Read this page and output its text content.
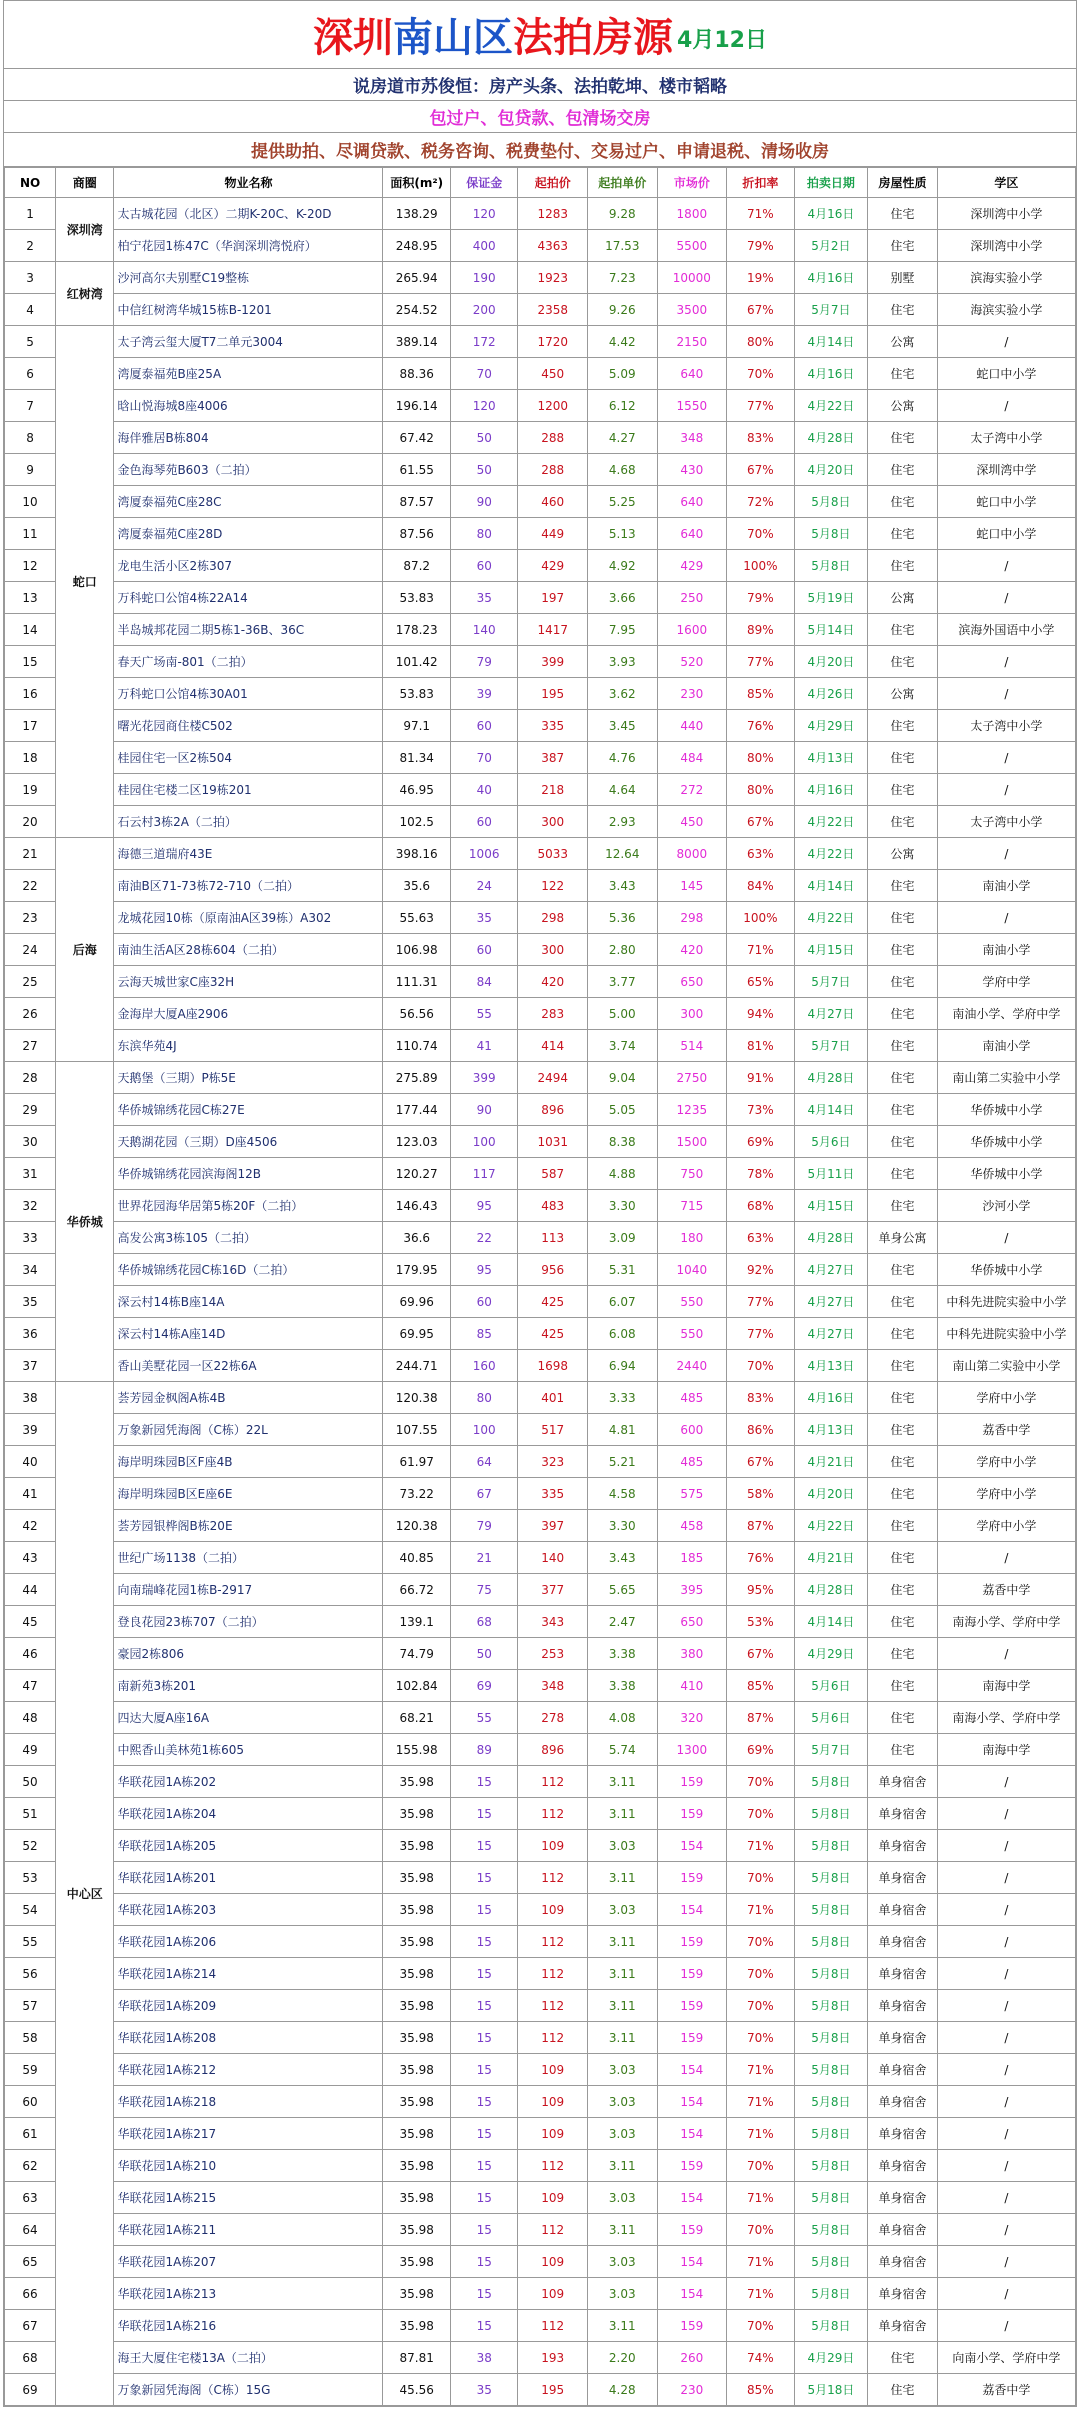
深圳 南山区 法拍房源 4月12日
说房道市苏俊恒：房产头条、法拍乾坤、楼市韬略
包过户、包贷款、包清场交房
提供助拍、尽调贷款、税务咨询、税费垫付、交易过户、申请退税、清场收房
NO	商圈	物业名称	面积(m²)	保证金	起拍价	起拍单价	市场价	折扣率	拍卖日期	房屋性质	学区
1	深圳湾	太古城花园（北区）二期K-20C、K-20D	138.29	120	1283	9.28	1800	71%	4月16日	住宅	深圳湾中小学
2		柏宁花园1栋47C（华润深圳湾悦府）	248.95	400	4363	17.53	5500	79%	5月2日	住宅	深圳湾中小学
3	红树湾	沙河高尔夫别墅C19整栋	265.94	190	1923	7.23	10000	19%	4月16日	别墅	滨海实验小学
4		中信红树湾华城15栋B-1201	254.52	200	2358	9.26	3500	67%	5月7日	住宅	海滨实验小学
5	蛇口	太子湾云玺大厦T7二单元3004	389.14	172	1720	4.42	2150	80%	4月14日	公寓	/
6		湾厦泰福苑B座25A	88.36	70	450	5.09	640	70%	4月16日	住宅	蛇口中小学
7		晗山悦海城8座4006	196.14	120	1200	6.12	1550	77%	4月22日	公寓	/
8		海伴雅居B栋804	67.42	50	288	4.27	348	83%	4月28日	住宅	太子湾中小学
9		金色海琴苑B603（二拍）	61.55	50	288	4.68	430	67%	4月20日	住宅	深圳湾中学
10		湾厦泰福苑C座28C	87.57	90	460	5.25	640	72%	5月8日	住宅	蛇口中小学
11		湾厦泰福苑C座28D	87.56	80	449	5.13	640	70%	5月8日	住宅	蛇口中小学
12		龙电生活小区2栋307	87.2	60	429	4.92	429	100%	5月8日	住宅	/
13		万科蛇口公馆4栋22A14	53.83	35	197	3.66	250	79%	5月19日	公寓	/
14		半岛城邦花园二期5栋1-36B、36C	178.23	140	1417	7.95	1600	89%	5月14日	住宅	滨海外国语中小学
15		春天广场南-801（二拍）	101.42	79	399	3.93	520	77%	4月20日	住宅	/
16		万科蛇口公馆4栋30A01	53.83	39	195	3.62	230	85%	4月26日	公寓	/
17		曙光花园商住楼C502	97.1	60	335	3.45	440	76%	4月29日	住宅	太子湾中小学
18		桂园住宅一区2栋504	81.34	70	387	4.76	484	80%	4月13日	住宅	/
19		桂园住宅楼二区19栋201	46.95	40	218	4.64	272	80%	4月16日	住宅	/
20		石云村3栋2A（二拍）	102.5	60	300	2.93	450	67%	4月22日	住宅	太子湾中小学
21	后海	海德三道瑞府43E	398.16	1006	5033	12.64	8000	63%	4月22日	公寓	/
22		南油B区71-73栋72-710（二拍）	35.6	24	122	3.43	145	84%	4月14日	住宅	南油小学
23		龙城花园10栋（原南油A区39栋）A302	55.63	35	298	5.36	298	100%	4月22日	住宅	/
24		南油生活A区28栋604（二拍）	106.98	60	300	2.80	420	71%	4月15日	住宅	南油小学
25		云海天城世家C座32H	111.31	84	420	3.77	650	65%	5月7日	住宅	学府中学
26		金海岸大厦A座2906	56.56	55	283	5.00	300	94%	4月27日	住宅	南油小学、学府中学
27		东滨华苑4J	110.74	41	414	3.74	514	81%	5月7日	住宅	南油小学
28	华侨城	天鹅堡（三期）P栋5E	275.89	399	2494	9.04	2750	91%	4月28日	住宅	南山第二实验中小学
29		华侨城锦绣花园C栋27E	177.44	90	896	5.05	1235	73%	4月14日	住宅	华侨城中小学
30		天鹅湖花园（三期）D座4506	123.03	100	1031	8.38	1500	69%	5月6日	住宅	华侨城中小学
31		华侨城锦绣花园滨海阁12B	120.27	117	587	4.88	750	78%	5月11日	住宅	华侨城中小学
32		世界花园海华居第5栋20F（二拍）	146.43	95	483	3.30	715	68%	4月15日	住宅	沙河小学
33		高发公寓3栋105（二拍）	36.6	22	113	3.09	180	63%	4月28日	单身公寓	/
34		华侨城锦绣花园C栋16D（二拍）	179.95	95	956	5.31	1040	92%	4月27日	住宅	华侨城中小学
35		深云村14栋B座14A	69.96	60	425	6.07	550	77%	4月27日	住宅	中科先进院实验中小学
36		深云村14栋A座14D	69.95	85	425	6.08	550	77%	4月27日	住宅	中科先进院实验中小学
37		香山美墅花园一区22栋6A	244.71	160	1698	6.94	2440	70%	4月13日	住宅	南山第二实验中小学
38	中心区	荟芳园金枫阁A栋4B	120.38	80	401	3.33	485	83%	4月16日	住宅	学府中小学
39		万象新园凭海阁（C栋）22L	107.55	100	517	4.81	600	86%	4月13日	住宅	荔香中学
40		海岸明珠园B区F座4B	61.97	64	323	5.21	485	67%	4月21日	住宅	学府中小学
41		海岸明珠园B区E座6E	73.22	67	335	4.58	575	58%	4月20日	住宅	学府中小学
42		荟芳园银桦阁B栋20E	120.38	79	397	3.30	458	87%	4月22日	住宅	学府中小学
43		世纪广场1138（二拍）	40.85	21	140	3.43	185	76%	4月21日	住宅	/
44		向南瑞峰花园1栋B-2917	66.72	75	377	5.65	395	95%	4月28日	住宅	荔香中学
45		登良花园23栋707（二拍）	139.1	68	343	2.47	650	53%	4月14日	住宅	南海小学、学府中学
46		豪园2栋806	74.79	50	253	3.38	380	67%	4月29日	住宅	/
47		南新苑3栋201	102.84	69	348	3.38	410	85%	5月6日	住宅	南海中学
48		四达大厦A座16A	68.21	55	278	4.08	320	87%	5月6日	住宅	南海小学、学府中学
49		中熙香山美林苑1栋605	155.98	89	896	5.74	1300	69%	5月7日	住宅	南海中学
50		华联花园1A栋202	35.98	15	112	3.11	159	70%	5月8日	单身宿舍	/
51		华联花园1A栋204	35.98	15	112	3.11	159	70%	5月8日	单身宿舍	/
52		华联花园1A栋205	35.98	15	109	3.03	154	71%	5月8日	单身宿舍	/
53		华联花园1A栋201	35.98	15	112	3.11	159	70%	5月8日	单身宿舍	/
54		华联花园1A栋203	35.98	15	109	3.03	154	71%	5月8日	单身宿舍	/
55		华联花园1A栋206	35.98	15	112	3.11	159	70%	5月8日	单身宿舍	/
56		华联花园1A栋214	35.98	15	112	3.11	159	70%	5月8日	单身宿舍	/
57		华联花园1A栋209	35.98	15	112	3.11	159	70%	5月8日	单身宿舍	/
58		华联花园1A栋208	35.98	15	112	3.11	159	70%	5月8日	单身宿舍	/
59		华联花园1A栋212	35.98	15	109	3.03	154	71%	5月8日	单身宿舍	/
60		华联花园1A栋218	35.98	15	109	3.03	154	71%	5月8日	单身宿舍	/
61		华联花园1A栋217	35.98	15	109	3.03	154	71%	5月8日	单身宿舍	/
62		华联花园1A栋210	35.98	15	112	3.11	159	70%	5月8日	单身宿舍	/
63		华联花园1A栋215	35.98	15	109	3.03	154	71%	5月8日	单身宿舍	/
64		华联花园1A栋211	35.98	15	112	3.11	159	70%	5月8日	单身宿舍	/
65		华联花园1A栋207	35.98	15	109	3.03	154	71%	5月8日	单身宿舍	/
66		华联花园1A栋213	35.98	15	109	3.03	154	71%	5月8日	单身宿舍	/
67		华联花园1A栋216	35.98	15	112	3.11	159	70%	5月8日	单身宿舍	/
68		海王大厦住宅楼13A（二拍）	87.81	38	193	2.20	260	74%	4月29日	住宅	向南小学、学府中学
69		万象新园凭海阁（C栋）15G	45.56	35	195	4.28	230	85%	5月18日	住宅	荔香中学
